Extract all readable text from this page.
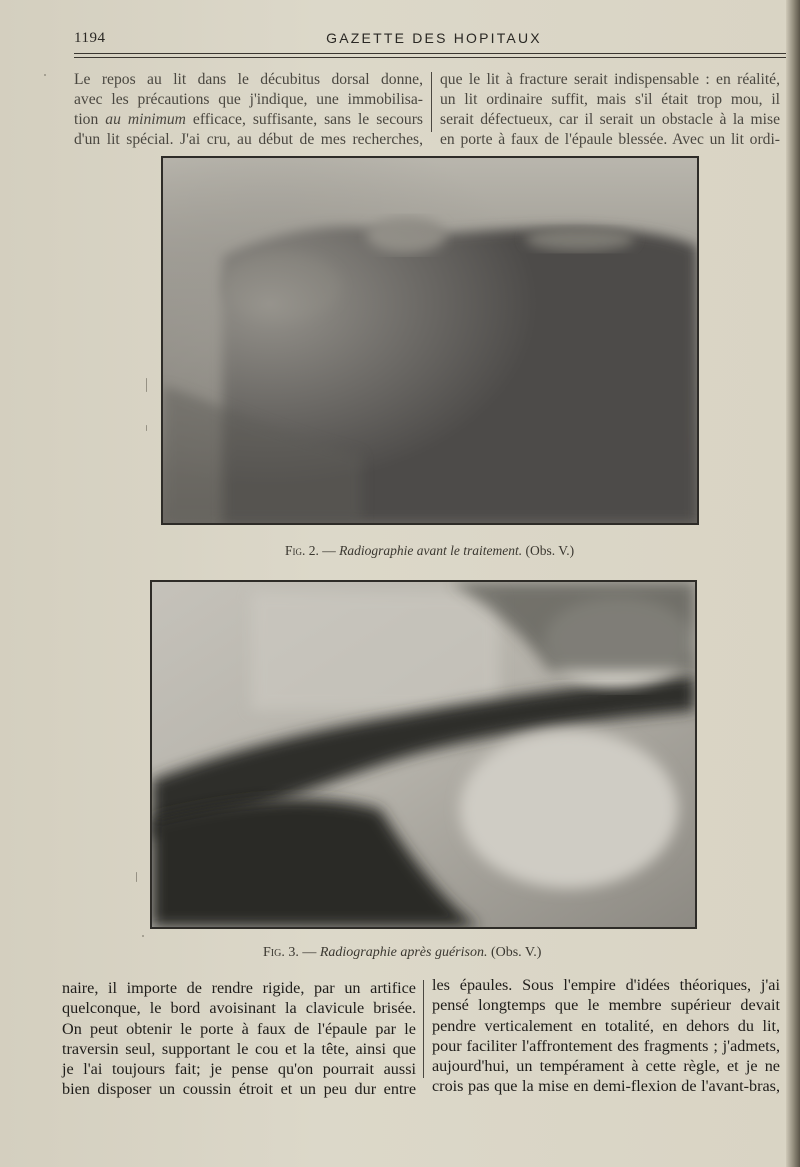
1194	GAZETTE DES HOPITAUX
Le repos au lit dans le décubitus dorsal donne,
avec les précautions que j'indique, une immobilisa-
tion au minimum efficace, suffisante, sans le secours
d'un lit spécial. J'ai cru, au début de mes recherches,
que le lit à fracture serait indispensable : en réalité,
un lit ordinaire suffit, mais s'il était trop mou, il
serait défectueux, car il serait un obstacle à la mise
en porte à faux de l'épaule blessée. Avec un lit ordi-
Fig. 2. — Radiographie avant le traitement. (Obs. V.)
Fig. 3. — Radiographie après guérison. (Obs. V.)
naire, il importe de rendre rigide, par un artifice
quelconque, le bord avoisinant la clavicule brisée.
On peut obtenir le porte à faux de l'épaule par le
traversin seul, supportant le cou et la tête, ainsi que
je l'ai toujours fait; je pense qu'on pourrait aussi
bien disposer un coussin étroit et un peu dur entre
les épaules. Sous l'empire d'idées théoriques, j'ai
pensé longtemps que le membre supérieur devait
pendre verticalement en totalité, en dehors du lit,
pour faciliter l'affrontement des fragments ; j'admets,
aujourd'hui, un tempérament à cette règle, et je ne
crois pas que la mise en demi-flexion de l'avant-bras,
